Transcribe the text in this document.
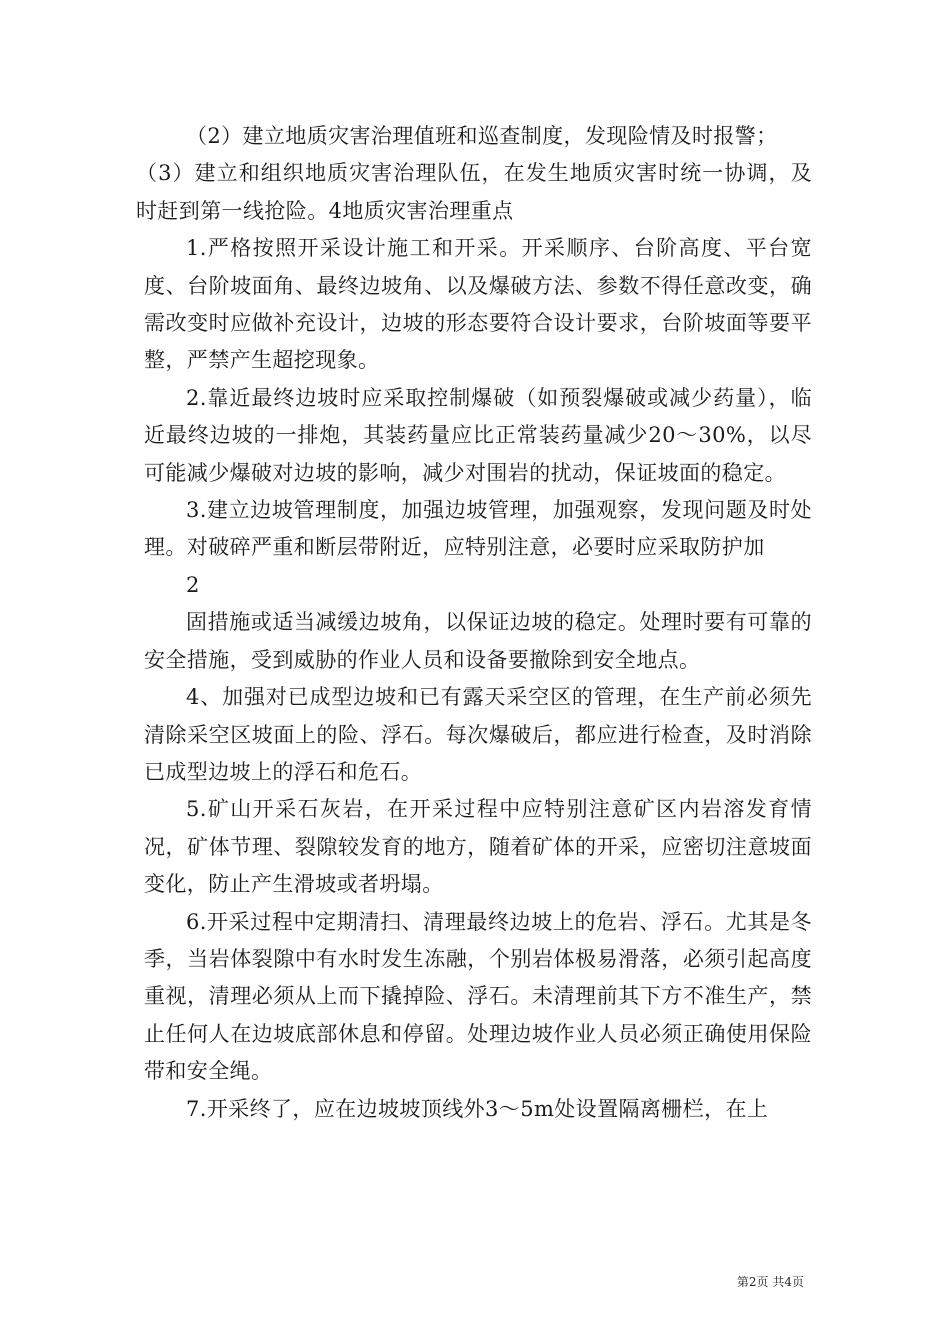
（2）建立地质灾害治理值班和巡查制度，发现险情及时报警；

（3）建立和组织地质灾害治理队伍，在发生地质灾害时统一协调，及时赶到第一线抢险。4地质灾害治理重点

1.严格按照开采设计施工和开采。开采顺序、台阶高度、平台宽度、台阶坡面角、最终边坡角、以及爆破方法、参数不得任意改变，确需改变时应做补充设计，边坡的形态要符合设计要求，台阶坡面等要平整，严禁产生超挖现象。

2.靠近最终边坡时应采取控制爆破（如预裂爆破或减少药量），临近最终边坡的一排炮，其装药量应比正常装药量减少20～30%，以尽可能减少爆破对边坡的影响，减少对围岩的扰动，保证坡面的稳定。

3.建立边坡管理制度，加强边坡管理，加强观察，发现问题及时处理。对破碎严重和断层带附近，应特别注意，必要时应采取防护加

2

固措施或适当减缓边坡角，以保证边坡的稳定。处理时要有可靠的安全措施，受到威胁的作业人员和设备要撤除到安全地点。

4、加强对已成型边坡和已有露天采空区的管理，在生产前必须先清除采空区坡面上的险、浮石。每次爆破后，都应进行检查，及时消除已成型边坡上的浮石和危石。

5.矿山开采石灰岩，在开采过程中应特别注意矿区内岩溶发育情况，矿体节理、裂隙较发育的地方，随着矿体的开采，应密切注意坡面变化，防止产生滑坡或者坍塌。

6.开采过程中定期清扫、清理最终边坡上的危岩、浮石。尤其是冬季，当岩体裂隙中有水时发生冻融，个别岩体极易滑落，必须引起高度重视，清理必须从上而下撬掉险、浮石。未清理前其下方不准生产，禁止任何人在边坡底部休息和停留。处理边坡作业人员必须正确使用保险带和安全绳。

7.开采终了，应在边坡坡顶线外3～5m处设置隔离栅栏，在上

第2页 共4页
